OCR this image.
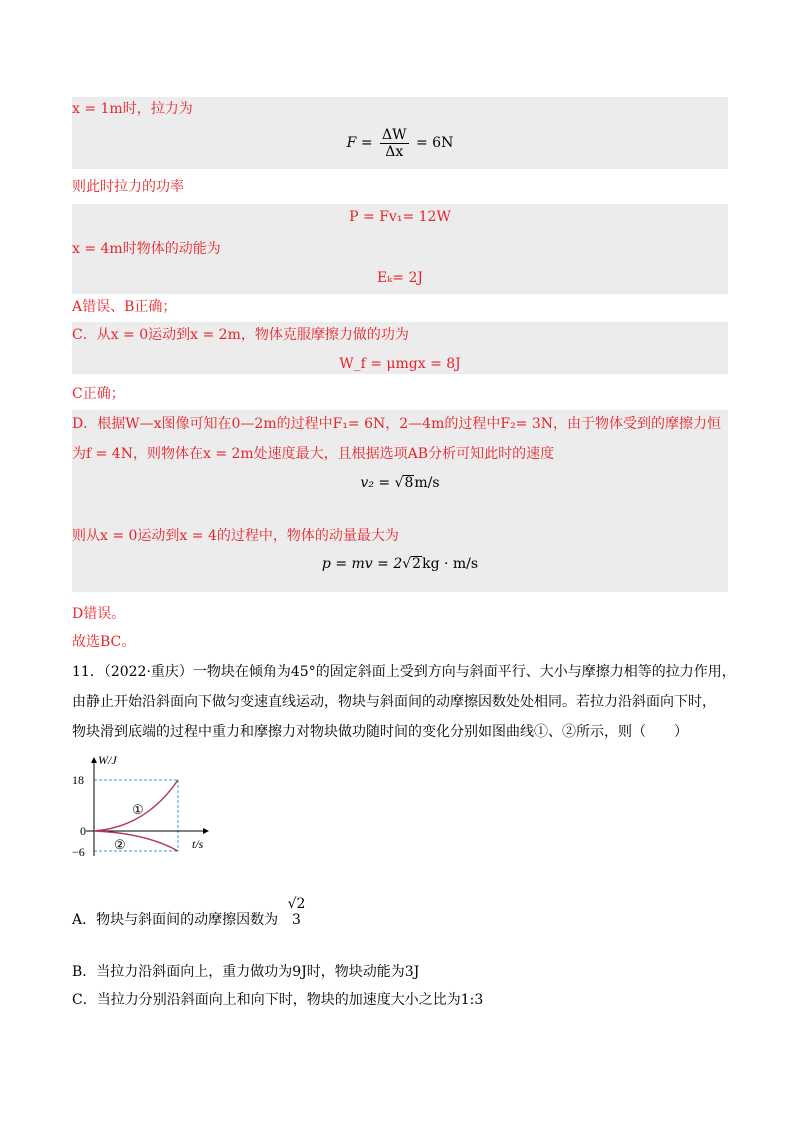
x = 1m时，拉力为
$F = \frac{\Delta W}{\Delta x} = 6N$
则此时拉力的功率
P = Fv₁= 12W
x = 4m时物体的动能为
Eₖ= 2J
A错误、B正确；
C．从x = 0运动到x = 2m，物体克服摩擦力做的功为
W_f = μmgx = 8J
C正确；
D．根据W—x图像可知在0—2m的过程中F₁= 6N，2—4m的过程中F₂= 3N，由于物体受到的摩擦力恒
为f = 4N，则物体在x = 2m处速度最大，且根据选项AB分析可知此时的速度
v₂ = √8m/s
则从x = 0运动到x = 4的过程中，物体的动量最大为
p = mv = 2√2kg · m/s
D错误。
故选BC。
11．（2022·重庆）一物块在倾角为45°的固定斜面上受到方向与斜面平行、大小与摩擦力相等的拉力作用，
由静止开始沿斜面向下做匀变速直线运动，物块与斜面间的动摩擦因数处处相同。若拉力沿斜面向下时，
物块滑到底端的过程中重力和摩擦力对物块做功随时间的变化分别如图曲线①、②所示，则（　　）
W/J
t/s
18
0
−6
①
②
A．物块与斜面间的动摩擦因数为
√2
3
B．当拉力沿斜面向上，重力做功为9J时，物块动能为3J
C．当拉力分别沿斜面向上和向下时，物块的加速度大小之比为1:3
